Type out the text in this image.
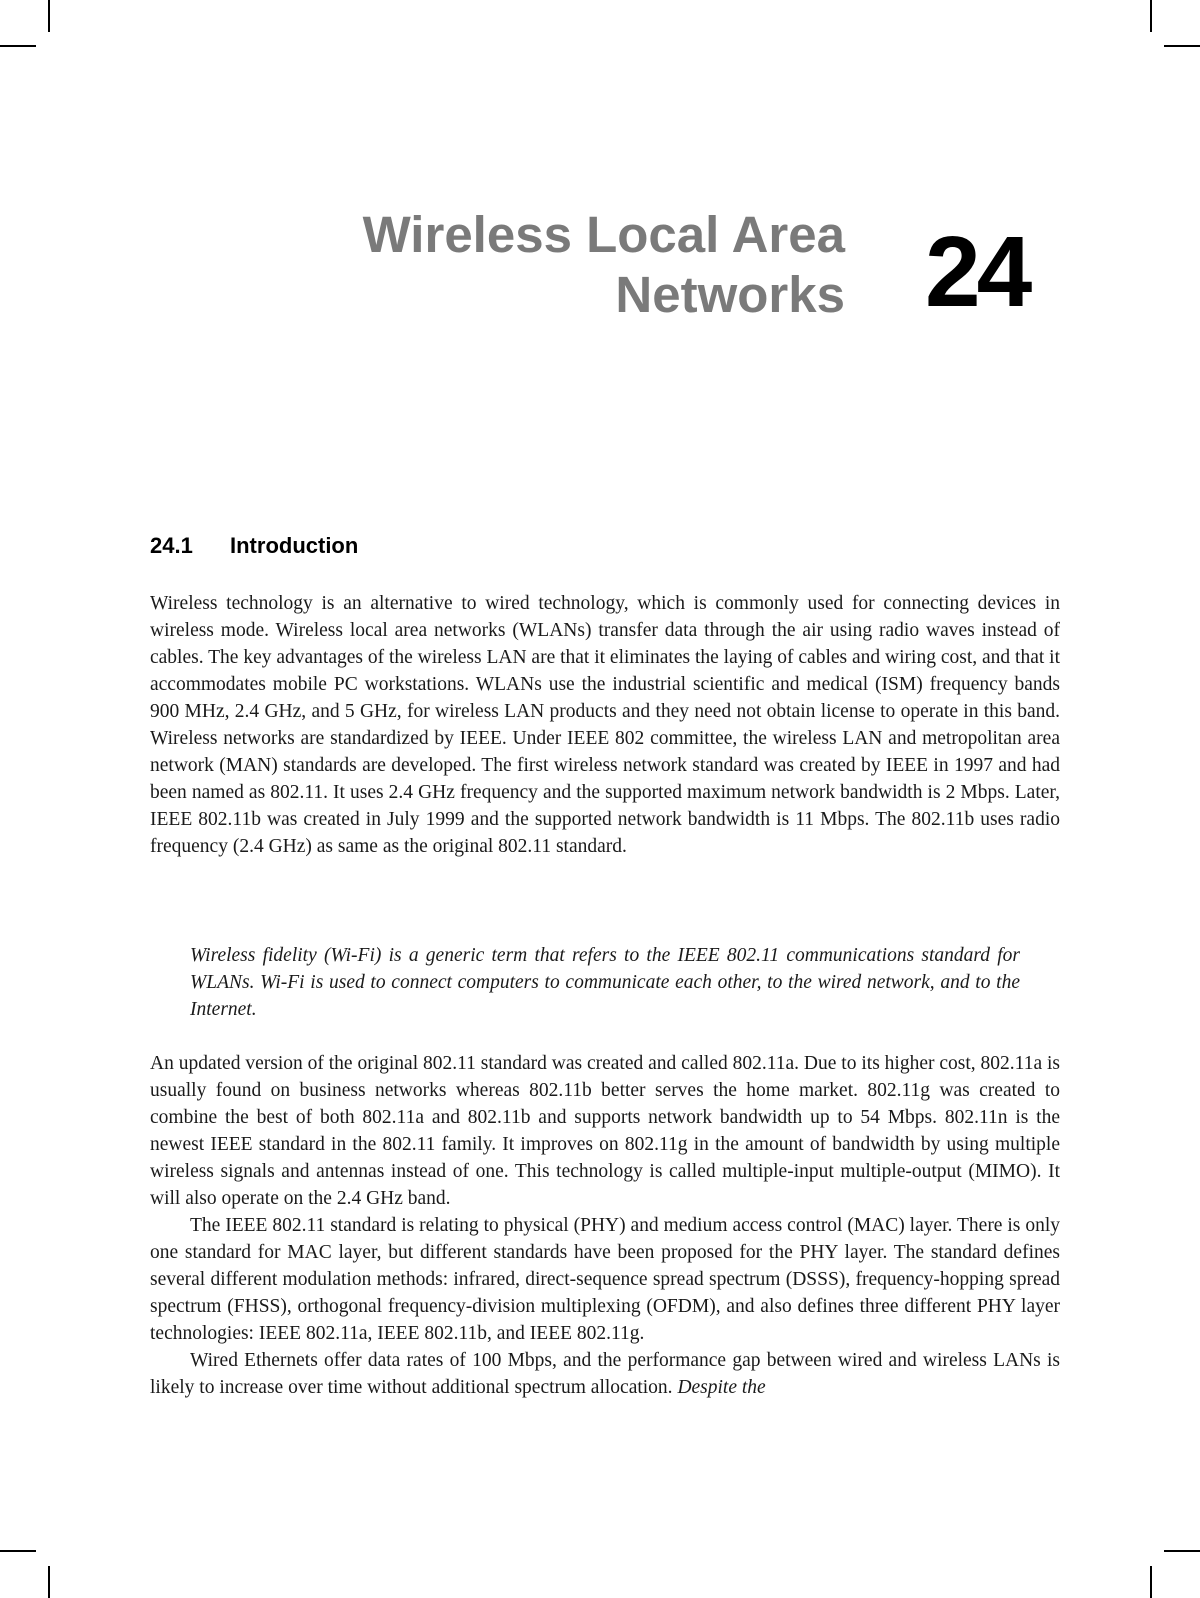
Wireless Local Area
Networks 24
24.1 Introduction

Wireless technology is an alternative to wired technology, which is commonly used for connecting devices in wireless mode. Wireless local area networks (WLANs) transfer data through the air using radio waves instead of cables. The key advantages of the wireless LAN are that it eliminates the laying of cables and wiring cost, and that it accommodates mobile PC workstations. WLANs use the industrial scientific and medical (ISM) frequency bands 900 MHz, 2.4 GHz, and 5 GHz, for wireless LAN products and they need not obtain license to operate in this band. Wireless networks are standardized by IEEE. Under IEEE 802 committee, the wireless LAN and metropolitan area network (MAN) standards are developed. The first wireless network standard was created by IEEE in 1997 and had been named as 802.11. It uses 2.4 GHz frequency and the supported maximum network bandwidth is 2 Mbps. Later, IEEE 802.11b was created in July 1999 and the supported network bandwidth is 11 Mbps. The 802.11b uses radio frequency (2.4 GHz) as same as the original 802.11 standard.

Wireless fidelity (Wi-Fi) is a generic term that refers to the IEEE 802.11 communications standard for WLANs. Wi-Fi is used to connect computers to communicate each other, to the wired network, and to the Internet.

An updated version of the original 802.11 standard was created and called 802.11a. Due to its higher cost, 802.11a is usually found on business networks whereas 802.11b better serves the home market. 802.11g was created to combine the best of both 802.11a and 802.11b and supports network bandwidth up to 54 Mbps. 802.11n is the newest IEEE standard in the 802.11 family. It improves on 802.11g in the amount of bandwidth by using multiple wireless signals and antennas instead of one. This technology is called multiple-input multiple-output (MIMO). It will also operate on the 2.4 GHz band.

The IEEE 802.11 standard is relating to physical (PHY) and medium access control (MAC) layer. There is only one standard for MAC layer, but different standards have been proposed for the PHY layer. The standard defines several different modulation methods: infrared, direct-sequence spread spectrum (DSSS), frequency-hopping spread spectrum (FHSS), orthogonal frequency-division multiplexing (OFDM), and also defines three different PHY layer technologies: IEEE 802.11a, IEEE 802.11b, and IEEE 802.11g.

Wired Ethernets offer data rates of 100 Mbps, and the performance gap between wired and wireless LANs is likely to increase over time without additional spectrum allocation. Despite the
